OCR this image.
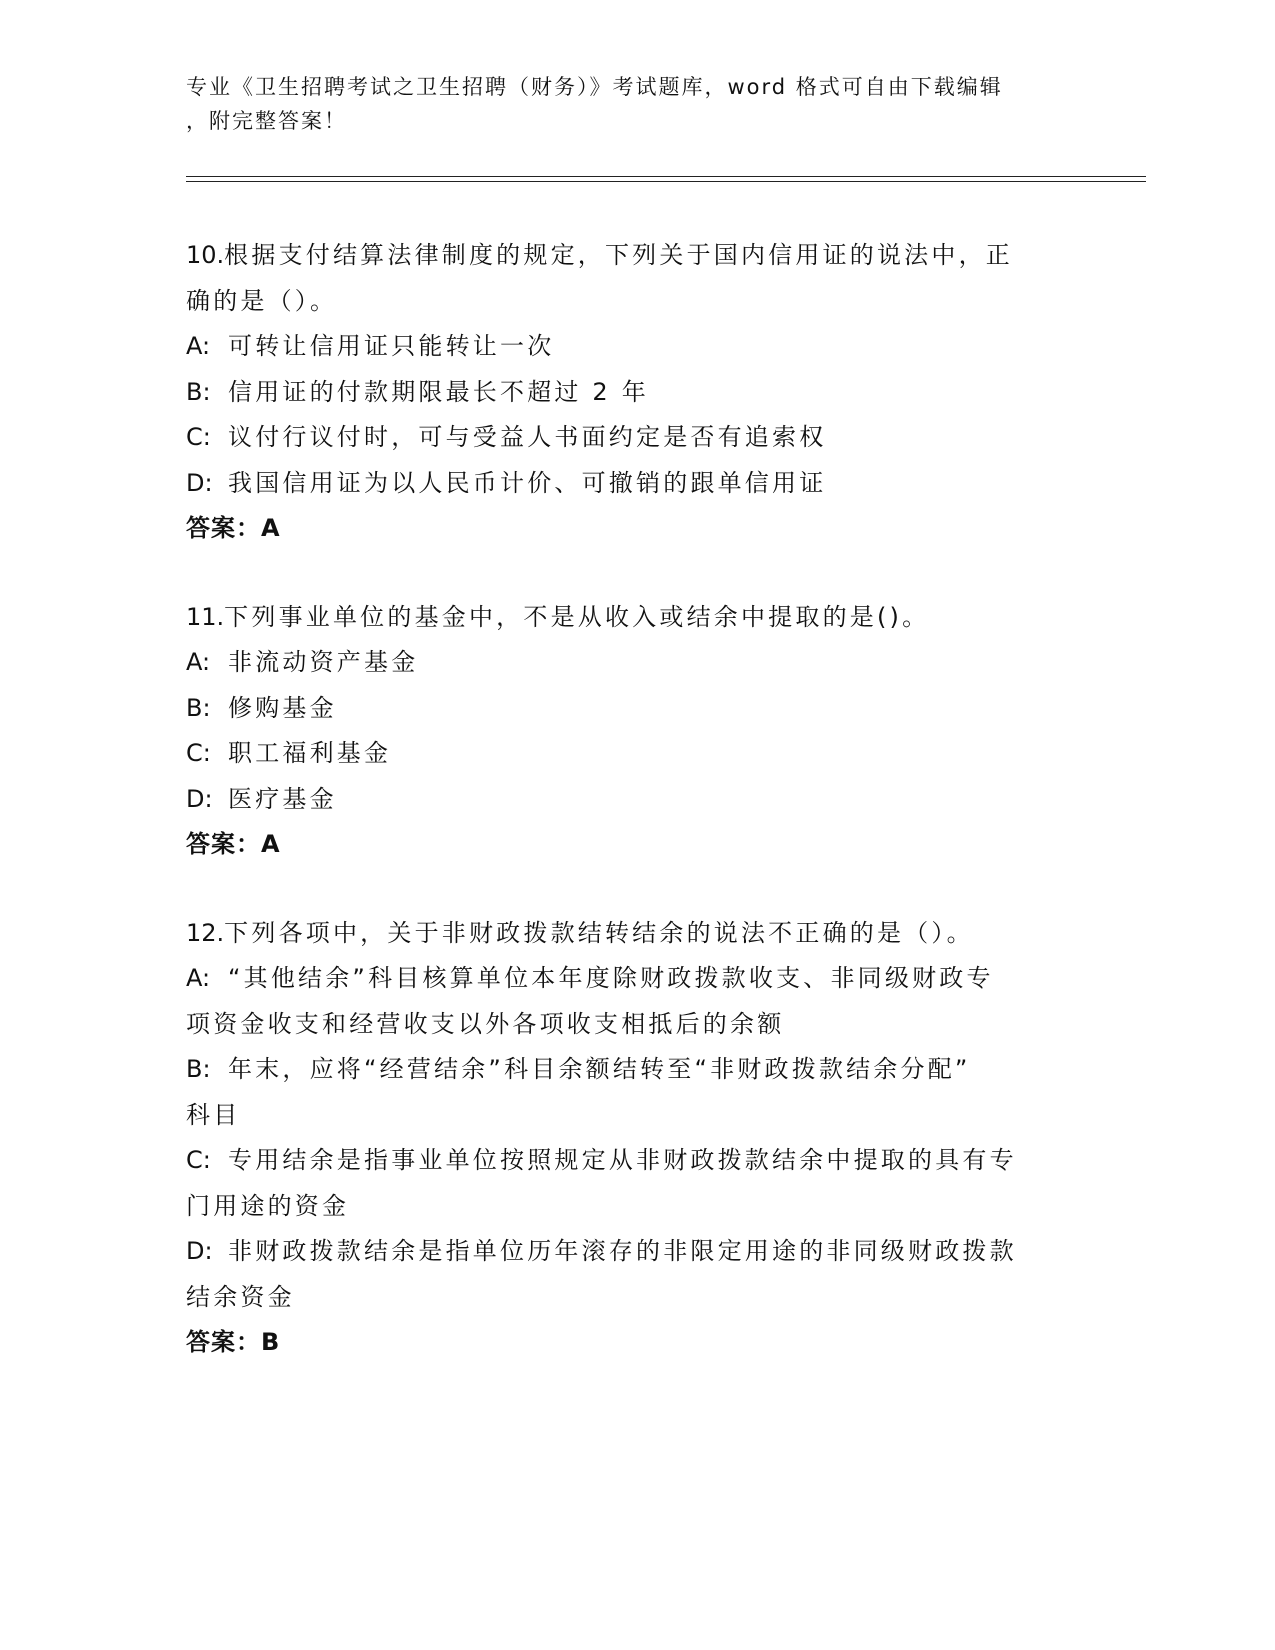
专业《卫生招聘考试之卫生招聘（财务）》考试题库，word 格式可自由下载编辑
，附完整答案！

10.根据支付结算法律制度的规定，下列关于国内信用证的说法中，正

确的是（）。

A: 可转让信用证只能转让一次

B: 信用证的付款期限最长不超过 2 年

C: 议付行议付时，可与受益人书面约定是否有追索权

D: 我国信用证为以人民币计价、可撤销的跟单信用证

答案：A

11.下列事业单位的基金中，不是从收入或结余中提取的是()。

A: 非流动资产基金

B: 修购基金

C: 职工福利基金

D: 医疗基金

答案：A

12.下列各项中，关于非财政拨款结转结余的说法不正确的是（）。

A: “其他结余”科目核算单位本年度除财政拨款收支、非同级财政专

项资金收支和经营收支以外各项收支相抵后的余额

B: 年末，应将“经营结余”科目余额结转至“非财政拨款结余分配”

科目

C: 专用结余是指事业单位按照规定从非财政拨款结余中提取的具有专

门用途的资金

D: 非财政拨款结余是指单位历年滚存的非限定用途的非同级财政拨款

结余资金

答案：B
